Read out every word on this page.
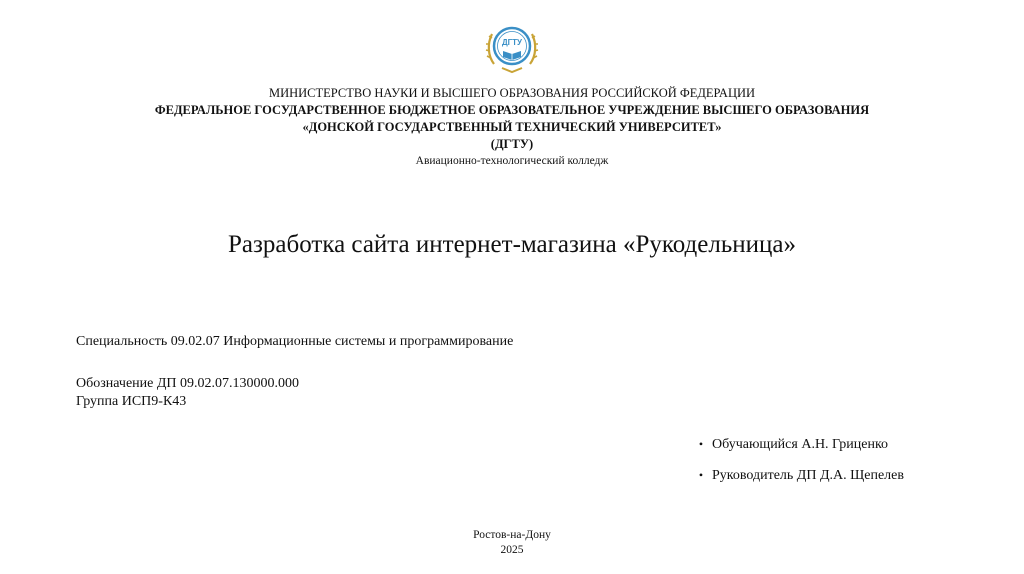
ДГТУ
МИНИСТЕРСТВО НАУКИ И ВЫСШЕГО ОБРАЗОВАНИЯ РОССИЙСКОЙ ФЕДЕРАЦИИ
ФЕДЕРАЛЬНОЕ ГОСУДАРСТВЕННОЕ БЮДЖЕТНОЕ ОБРАЗОВАТЕЛЬНОЕ УЧРЕЖДЕНИЕ ВЫСШЕГО ОБРАЗОВАНИЯ
«ДОНСКОЙ ГОСУДАРСТВЕННЫЙ ТЕХНИЧЕСКИЙ УНИВЕРСИТЕТ»
(ДГТУ)
Авиационно-технологический колледж
Разработка сайта интернет-магазина «Рукодельница»
Специальность 09.02.07 Информационные системы и программирование
Обозначение ДП 09.02.07.130000.000
Группа ИСП9-К43
• Обучающийся А.Н. Гриценко
• Руководитель ДП Д.А. Щепелев
Ростов-на-Дону
2025
